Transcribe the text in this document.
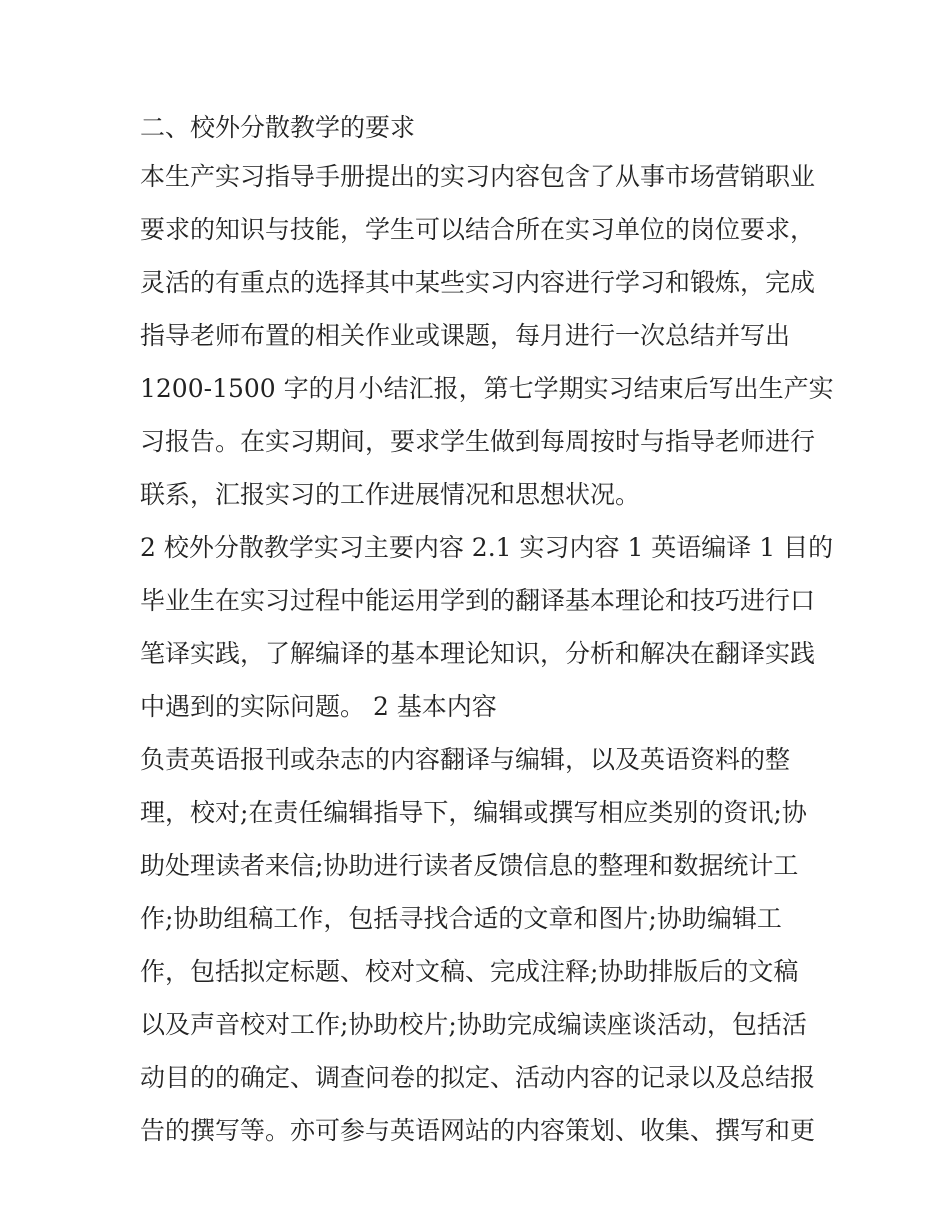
二、校外分散教学的要求
本生产实习指导手册提出的实习内容包含了从事市场营销职业
要求的知识与技能，学生可以结合所在实习单位的岗位要求，
灵活的有重点的选择其中某些实习内容进行学习和锻炼，完成
指导老师布置的相关作业或课题，每月进行一次总结并写出
1200-1500 字的月小结汇报，第七学期实习结束后写出生产实
习报告。在实习期间，要求学生做到每周按时与指导老师进行
联系，汇报实习的工作进展情况和思想状况。
2 校外分散教学实习主要内容 2.1 实习内容 1 英语编译 1 目的
毕业生在实习过程中能运用学到的翻译基本理论和技巧进行口
笔译实践，了解编译的基本理论知识，分析和解决在翻译实践
中遇到的实际问题。 2 基本内容
负责英语报刊或杂志的内容翻译与编辑，以及英语资料的整
理，校对;在责任编辑指导下，编辑或撰写相应类别的资讯;协
助处理读者来信;协助进行读者反馈信息的整理和数据统计工
作;协助组稿工作，包括寻找合适的文章和图片;协助编辑工
作，包括拟定标题、校对文稿、完成注释;协助排版后的文稿
以及声音校对工作;协助校片;协助完成编读座谈活动，包括活
动目的的确定、调查问卷的拟定、活动内容的记录以及总结报
告的撰写等。亦可参与英语网站的内容策划、收集、撰写和更
